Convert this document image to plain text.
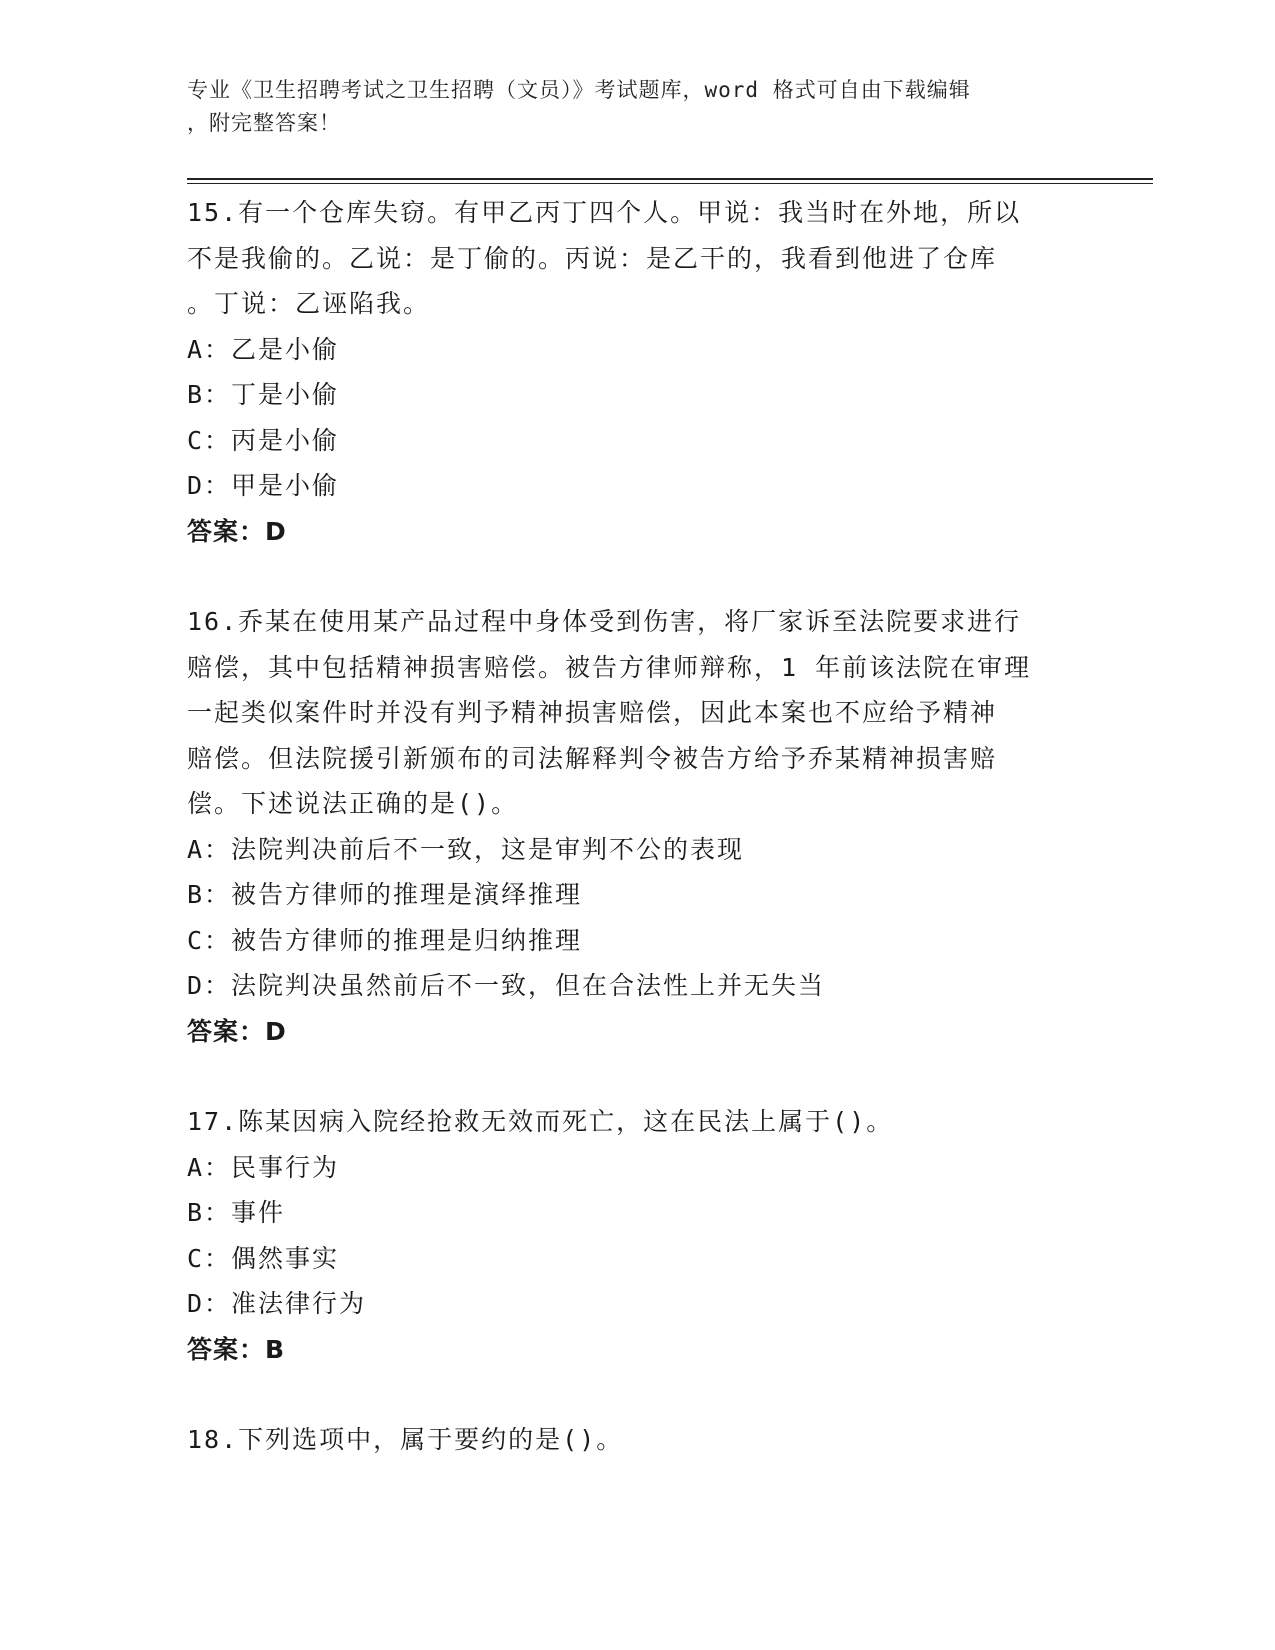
专业《卫生招聘考试之卫生招聘（文员）》考试题库，word 格式可自由下载编辑
，附完整答案！
15.有一个仓库失窃。有甲乙丙丁四个人。甲说：我当时在外地，所以
不是我偷的。乙说：是丁偷的。丙说：是乙干的，我看到他进了仓库
。丁说：乙诬陷我。
A：乙是小偷
B：丁是小偷
C：丙是小偷
D：甲是小偷
答案：D
16.乔某在使用某产品过程中身体受到伤害，将厂家诉至法院要求进行
赔偿，其中包括精神损害赔偿。被告方律师辩称，1 年前该法院在审理
一起类似案件时并没有判予精神损害赔偿，因此本案也不应给予精神
赔偿。但法院援引新颁布的司法解释判令被告方给予乔某精神损害赔
偿。下述说法正确的是()。
A：法院判决前后不一致，这是审判不公的表现
B：被告方律师的推理是演绎推理
C：被告方律师的推理是归纳推理
D：法院判决虽然前后不一致，但在合法性上并无失当
答案：D
17.陈某因病入院经抢救无效而死亡，这在民法上属于()。
A：民事行为
B：事件
C：偶然事实
D：准法律行为
答案：B
18.下列选项中，属于要约的是()。
